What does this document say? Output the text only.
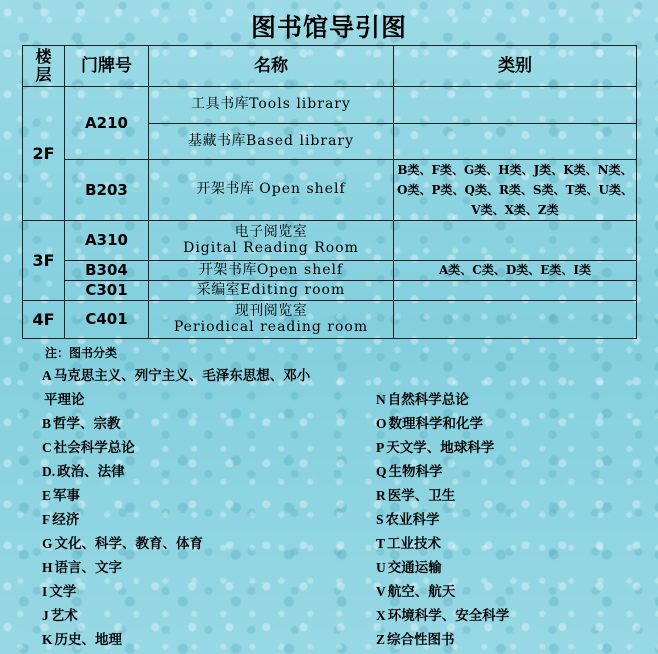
图书馆导引图
楼
层	门牌号	名称	类别
2F	A210	工具书库Tools library	
		基藏书库Based library	
	B203	开架书库 Open shelf	B类、F类、G类、H类、J类、K类、N类、O类、P类、Q类、R类、S类、T类、U类、V类、X类、Z类
3F	A310	电子阅览室
Digital Reading Room	

	B304	开架书库Open shelf	A类、C类、D类、E类、I类
	C301	采编室Editing room	
4F	C401	现刊阅览室
Periodical reading room	

注：图书分类
A 马克思主义、列宁主义、毛泽东思想、邓小
平理论
B 哲学、宗教
C 社会科学总论
D. 政治、法律
E 军事
F 经济
G 文化、科学、教育、体育
H 语言、文字
I 文学
J 艺术
K 历史、地理
N 自然科学总论
O 数理科学和化学
P 天文学、地球科学
Q 生物科学
R 医学、卫生
S 农业科学
T 工业技术
U 交通运输
V 航空、航天
X 环境科学、安全科学
Z 综合性图书
